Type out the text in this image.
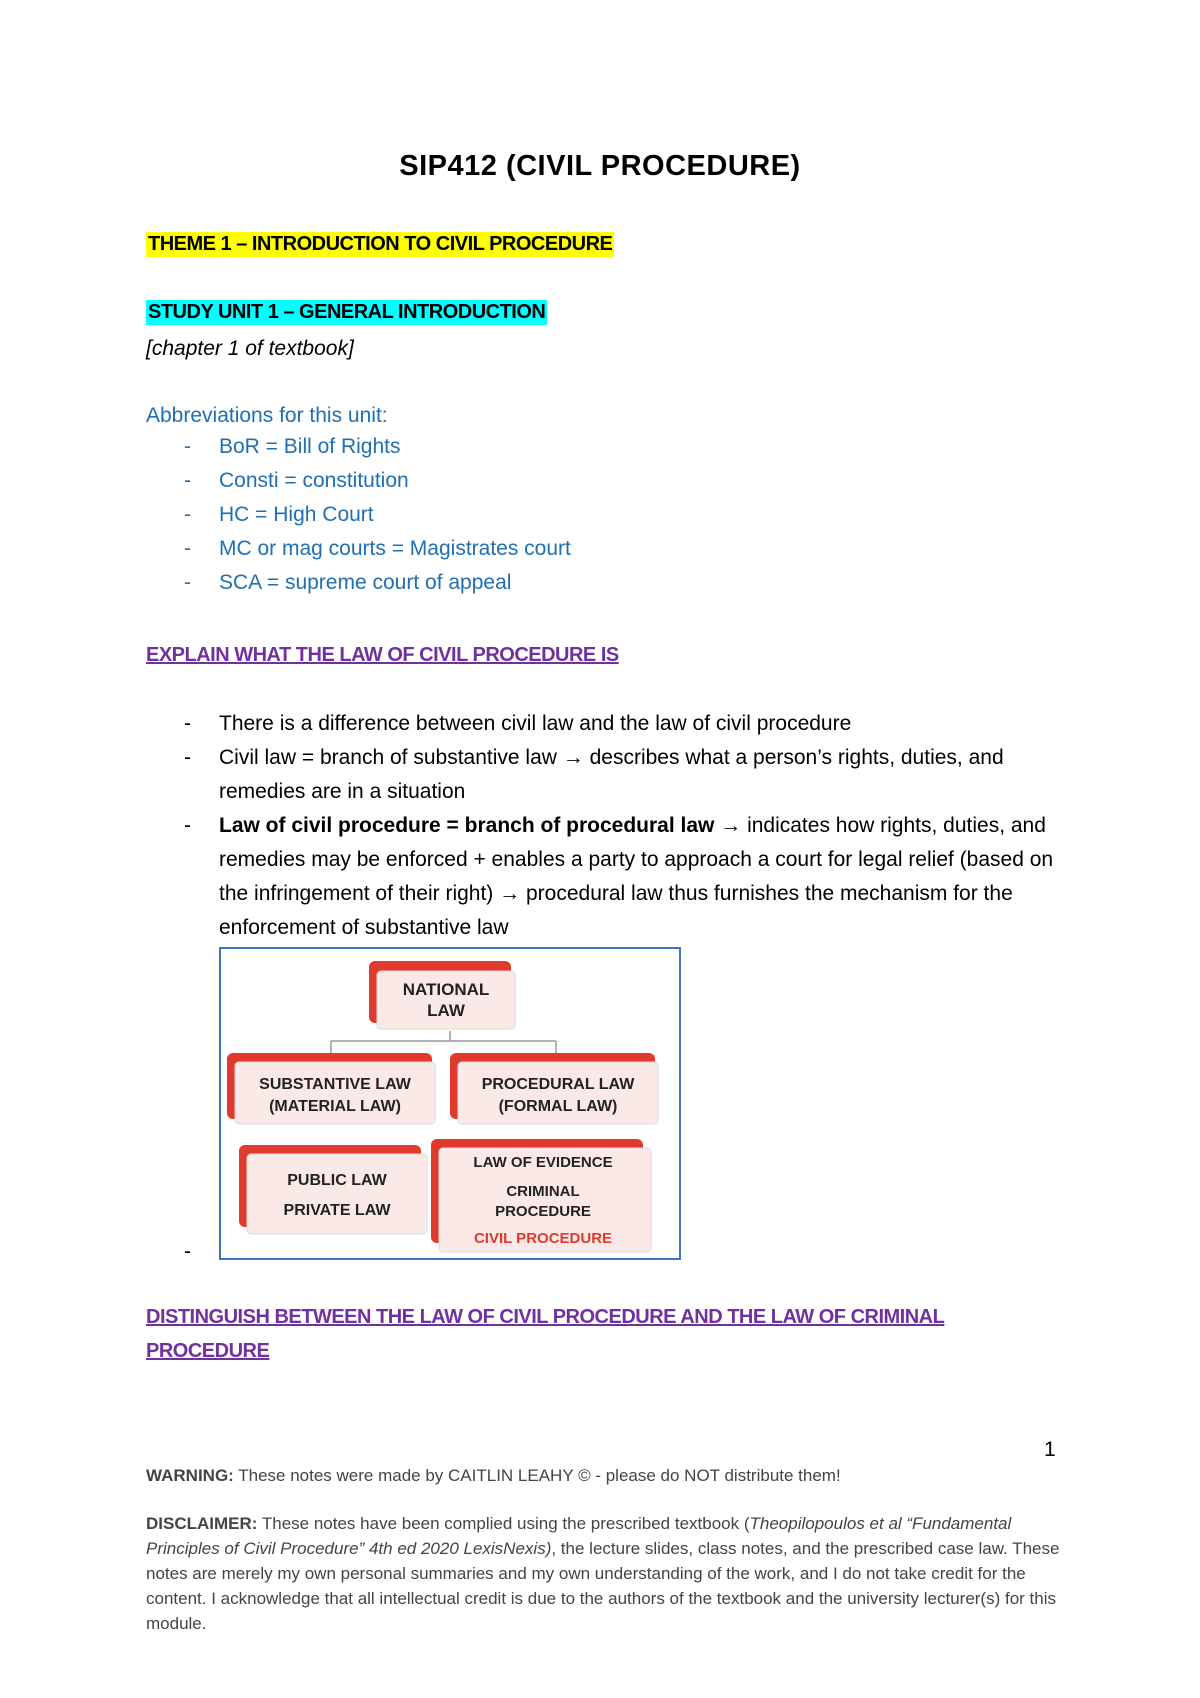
SIP412 (CIVIL PROCEDURE)
THEME 1 – INTRODUCTION TO CIVIL PROCEDURE
STUDY UNIT 1 – GENERAL INTRODUCTION
[chapter 1 of textbook]
Abbreviations for this unit:
- BoR = Bill of Rights
- Consti = constitution
- HC = High Court
- MC or mag courts = Magistrates court
- SCA = supreme court of appeal
EXPLAIN WHAT THE LAW OF CIVIL PROCEDURE IS
- There is a difference between civil law and the law of civil procedure
- Civil law = branch of substantive law → describes what a person’s rights, duties, and remedies are in a situation
- Law of civil procedure = branch of procedural law → indicates how rights, duties, and remedies may be enforced + enables a party to approach a court for legal relief (based on the infringement of their right) → procedural law thus furnishes the mechanism for the enforcement of substantive law
NATIONAL
LAW
SUBSTANTIVE LAW
(MATERIAL LAW)
PROCEDURAL LAW
(FORMAL LAW)
PUBLIC LAW
PRIVATE LAW
LAW OF EVIDENCE
CRIMINAL
PROCEDURE
CIVIL PROCEDURE
-
DISTINGUISH BETWEEN THE LAW OF CIVIL PROCEDURE AND THE LAW OF CRIMINAL PROCEDURE
1
WARNING: These notes were made by CAITLIN LEAHY © - please do NOT distribute them!
DISCLAIMER: These notes have been complied using the prescribed textbook (Theopilopoulos et al “Fundamental Principles of Civil Procedure” 4th ed 2020 LexisNexis), the lecture slides, class notes, and the prescribed case law. These notes are merely my own personal summaries and my own understanding of the work, and I do not take credit for the content. I acknowledge that all intellectual credit is due to the authors of the textbook and the university lecturer(s) for this module.
